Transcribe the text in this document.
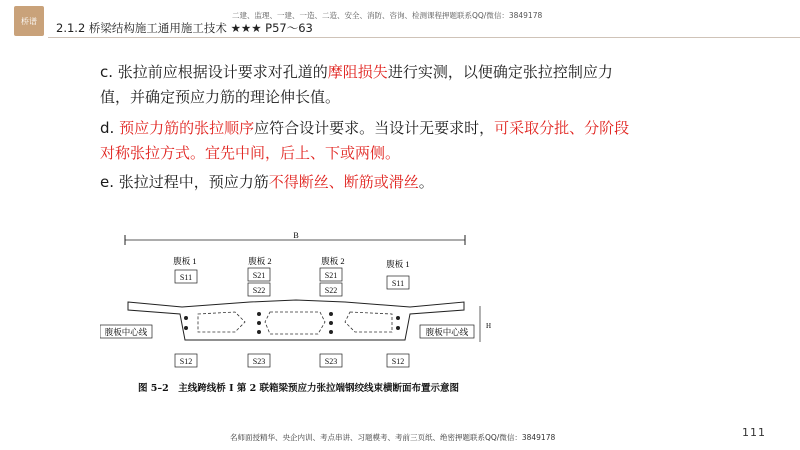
桥谱
二建、监理、一建、一造、二造、安全、消防、咨询、检测课程押题联系QQ/微信：3849178
2.1.2 桥梁结构施工通用施工技术 ★★★ P57～63

c. 张拉前应根据设计要求对孔道的摩阻损失进行实测，以便确定张拉控制应力值，并确定预应力筋的理论伸长值。

d. 预应力筋的张拉顺序应符合设计要求。当设计无要求时，可采取分批、分阶段对称张拉方式。宜先中间，后上、下或两侧。

e. 张拉过程中，预应力筋不得断丝、断筋或滑丝。

B
腹板 1	腹板 2	腹板 2	腹板 1
S11	S21
S22
S21
S22
S11
腹板中心线	腹板中心线
H
S12	S23	S23	S12
图 5–2　主线跨线桥 I 第 2 联箱梁预应力张拉端钢绞线束横断面布置示意图
名师面授精华、央企内训、考点串讲、习题模考、考前三页纸、绝密押题联系QQ/微信：3849178	111
